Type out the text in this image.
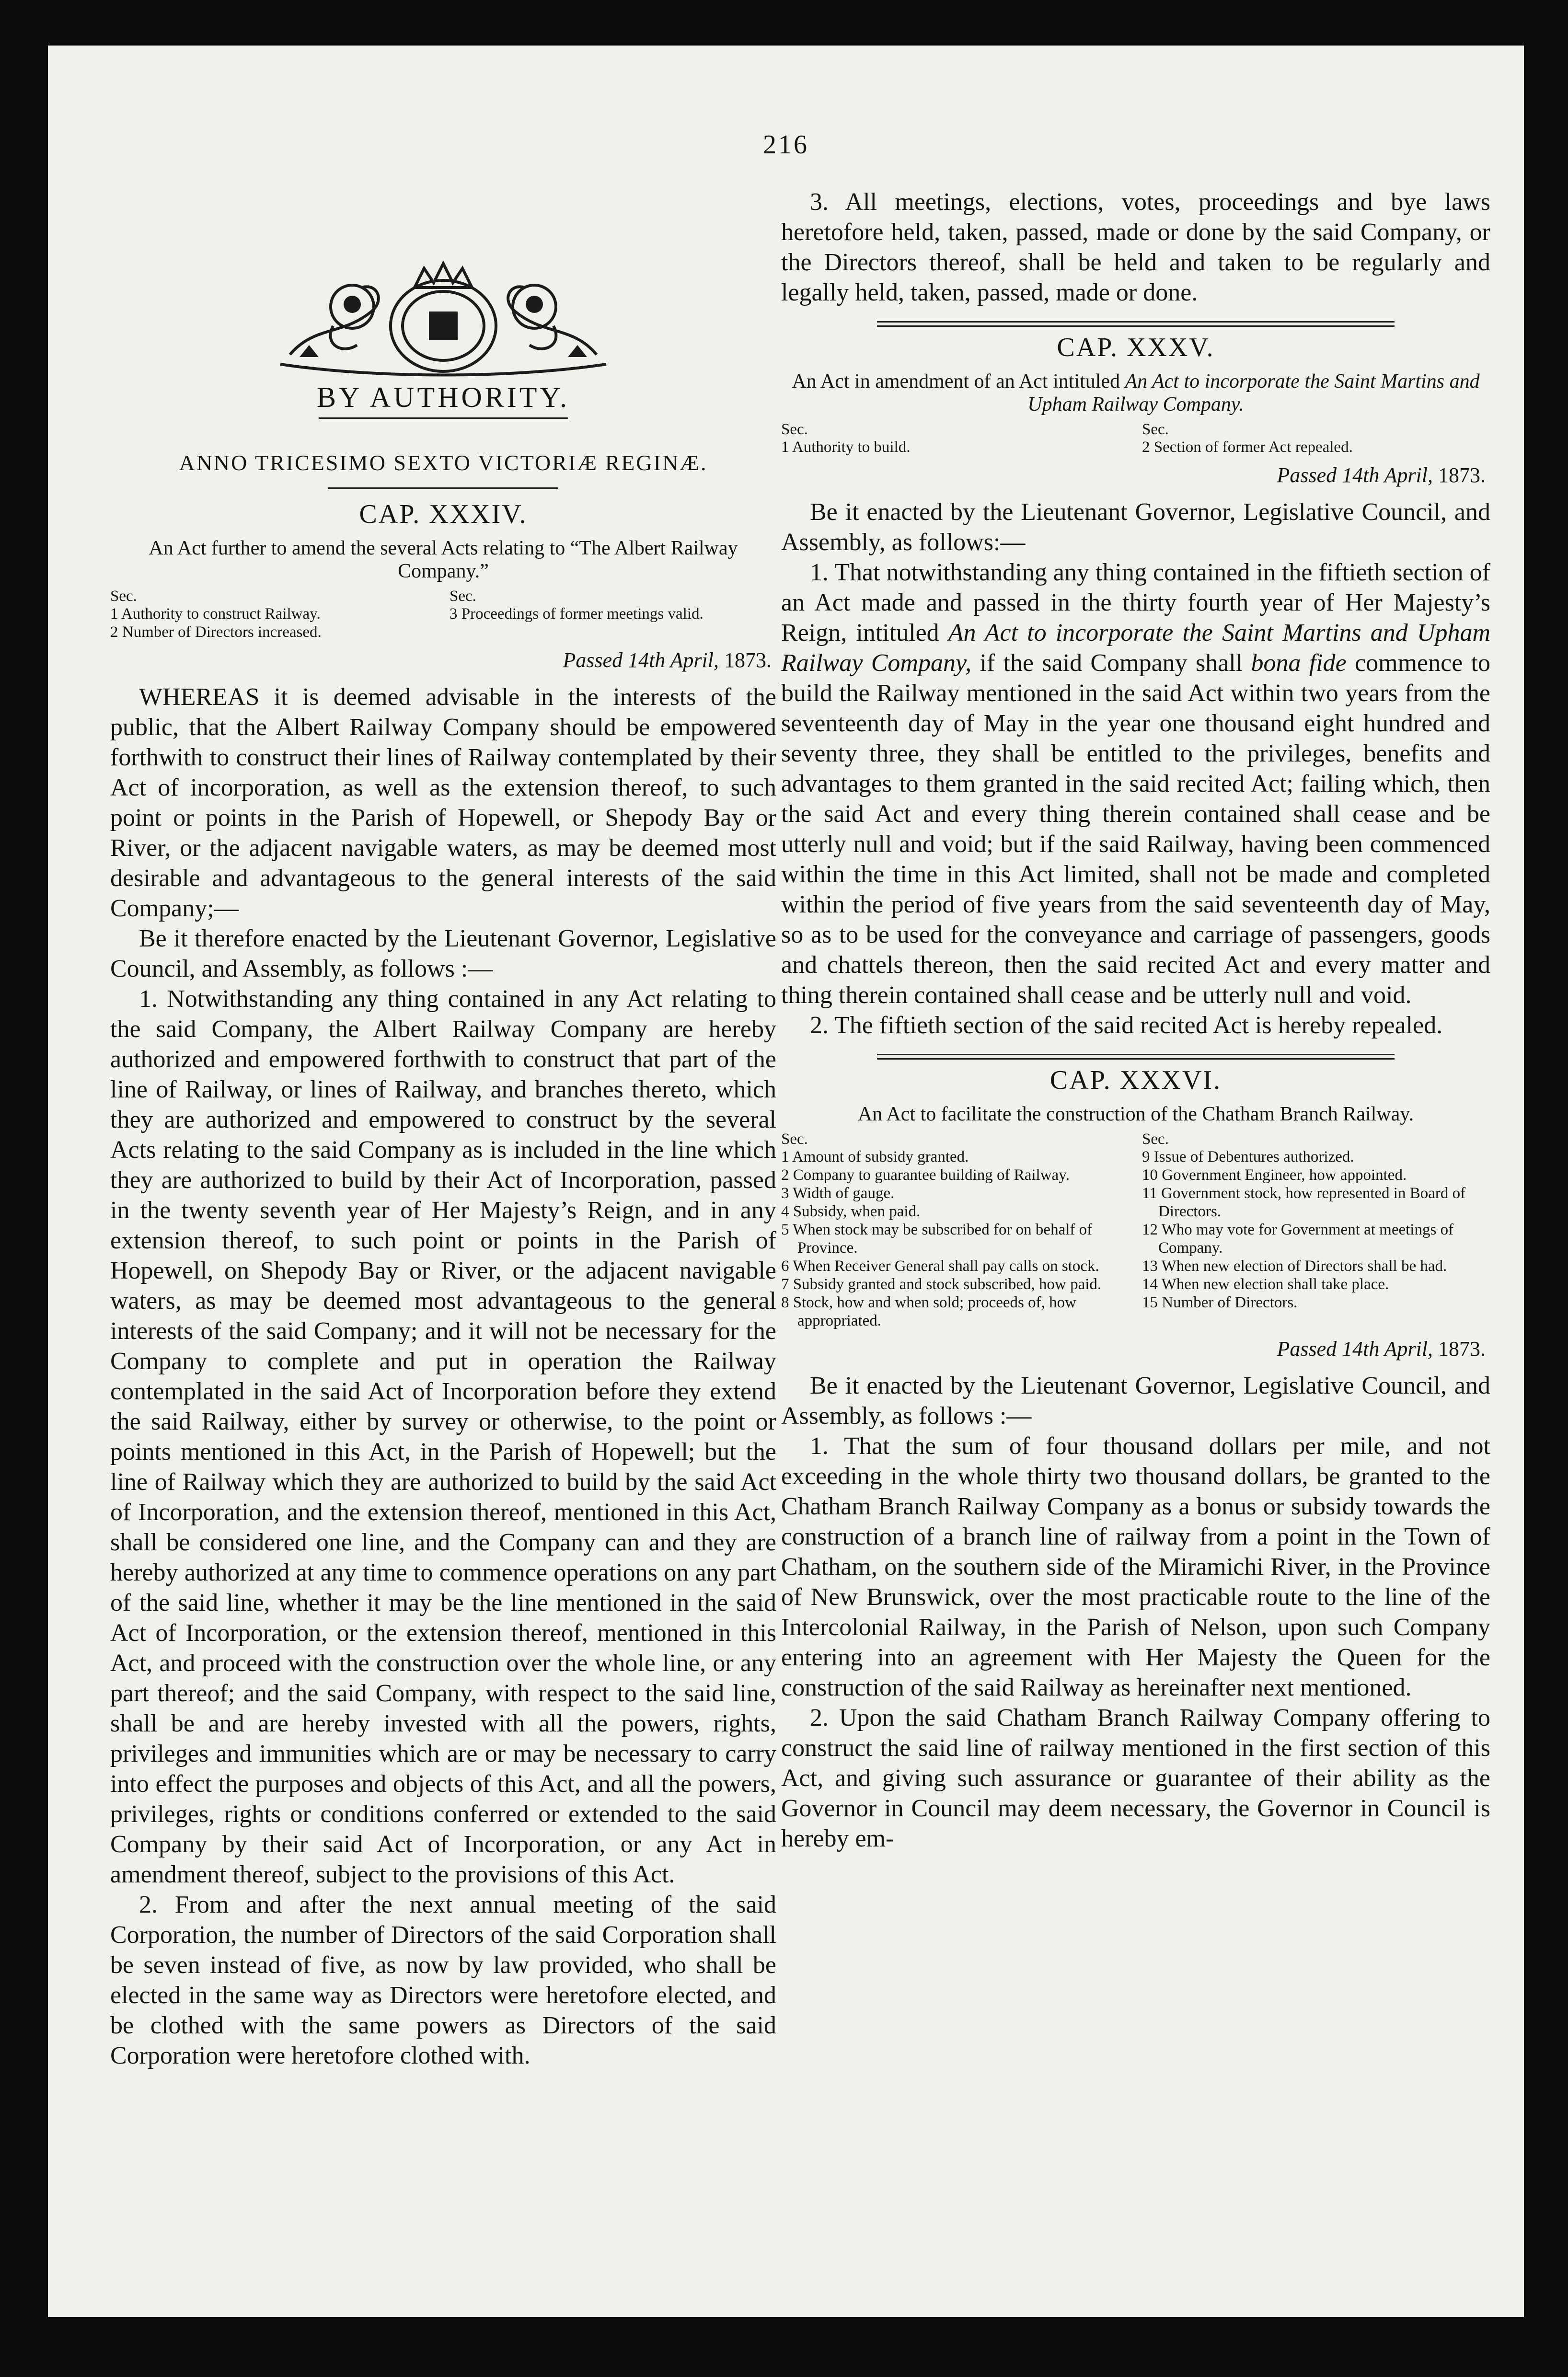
216
BY AUTHORITY.
ANNO TRICESIMO SEXTO VICTORIÆ REGINÆ.
CAP. XXXIV.
An Act further to amend the several Acts relating to “The Albert Railway Company.”
Sec.
1 Authority to construct Railway.
2 Number of Directors increased.
Sec.
3 Proceedings of former meetings valid.
Passed 14th April, 1873.

WHEREAS it is deemed advisable in the interests of the public, that the Albert Railway Company should be empowered forthwith to construct their lines of Railway contemplated by their Act of incorporation, as well as the extension thereof, to such point or points in the Parish of Hopewell, or Shepody Bay or River, or the adjacent navigable waters, as may be deemed most desirable and advantageous to the general interests of the said Company;—

Be it therefore enacted by the Lieutenant Governor, Legislative Council, and Assembly, as follows :—

1. Notwithstanding any thing contained in any Act relating to the said Company, the Albert Railway Company are hereby authorized and empowered forthwith to construct that part of the line of Railway, or lines of Railway, and branches thereto, which they are authorized and empowered to construct by the several Acts relating to the said Company as is included in the line which they are authorized to build by their Act of Incorporation, passed in the twenty seventh year of Her Majesty’s Reign, and in any extension thereof, to such point or points in the Parish of Hopewell, on Shepody Bay or River, or the adjacent navigable waters, as may be deemed most advantageous to the general interests of the said Company; and it will not be necessary for the Company to complete and put in operation the Railway contemplated in the said Act of Incorporation before they extend the said Railway, either by survey or otherwise, to the point or points mentioned in this Act, in the Parish of Hopewell; but the line of Railway which they are authorized to build by the said Act of Incorporation, and the extension thereof, mentioned in this Act, shall be considered one line, and the Company can and they are hereby authorized at any time to commence operations on any part of the said line, whether it may be the line mentioned in the said Act of Incorporation, or the extension thereof, mentioned in this Act, and proceed with the construction over the whole line, or any part thereof; and the said Company, with respect to the said line, shall be and are hereby invested with all the powers, rights, privileges and immunities which are or may be necessary to carry into effect the purposes and objects of this Act, and all the powers, privileges, rights or conditions conferred or extended to the said Company by their said Act of Incorporation, or any Act in amendment thereof, subject to the provisions of this Act.

2. From and after the next annual meeting of the said Corporation, the number of Directors of the said Corporation shall be seven instead of five, as now by law provided, who shall be elected in the same way as Directors were heretofore elected, and be clothed with the same powers as Directors of the said Corporation were heretofore clothed with.

3. All meetings, elections, votes, proceedings and bye laws heretofore held, taken, passed, made or done by the said Company, or the Directors thereof, shall be held and taken to be regularly and legally held, taken, passed, made or done.

CAP. XXXV.
An Act in amendment of an Act intituled An Act to incorporate the Saint Martins and Upham Railway Company.
Sec.
1 Authority to build.
Sec.
2 Section of former Act repealed.
Passed 14th April, 1873.

Be it enacted by the Lieutenant Governor, Legislative Council, and Assembly, as follows:—

1. That notwithstanding any thing contained in the fiftieth section of an Act made and passed in the thirty fourth year of Her Majesty’s Reign, intituled An Act to incorporate the Saint Martins and Upham Railway Company, if the said Company shall bona fide commence to build the Railway mentioned in the said Act within two years from the seventeenth day of May in the year one thousand eight hundred and seventy three, they shall be entitled to the privileges, benefits and advantages to them granted in the said recited Act; failing which, then the said Act and every thing therein contained shall cease and be utterly null and void; but if the said Railway, having been commenced within the time in this Act limited, shall not be made and completed within the period of five years from the said seventeenth day of May, so as to be used for the conveyance and carriage of passengers, goods and chattels thereon, then the said recited Act and every matter and thing therein contained shall cease and be utterly null and void.

2. The fiftieth section of the said recited Act is hereby repealed.

CAP. XXXVI.
An Act to facilitate the construction of the Chatham Branch Railway.
Sec.
1 Amount of subsidy granted.
2 Company to guarantee building of Railway.
3 Width of gauge.
4 Subsidy, when paid.
5 When stock may be subscribed for on behalf of Province.
6 When Receiver General shall pay calls on stock.
7 Subsidy granted and stock subscribed, how paid.
8 Stock, how and when sold; proceeds of, how appropriated.
Sec.
9 Issue of Debentures authorized.
10 Government Engineer, how appointed.
11 Government stock, how represented in Board of Directors.
12 Who may vote for Government at meetings of Company.
13 When new election of Directors shall be had.
14 When new election shall take place.
15 Number of Directors.
Passed 14th April, 1873.

Be it enacted by the Lieutenant Governor, Legislative Council, and Assembly, as follows :—

1. That the sum of four thousand dollars per mile, and not exceeding in the whole thirty two thousand dollars, be granted to the Chatham Branch Railway Company as a bonus or subsidy towards the construction of a branch line of railway from a point in the Town of Chatham, on the southern side of the Miramichi River, in the Province of New Brunswick, over the most practicable route to the line of the Intercolonial Railway, in the Parish of Nelson, upon such Company entering into an agreement with Her Majesty the Queen for the construction of the said Railway as hereinafter next mentioned.

2. Upon the said Chatham Branch Railway Company offering to construct the said line of railway mentioned in the first section of this Act, and giving such assurance or guarantee of their ability as the Governor in Council may deem necessary, the Governor in Council is hereby em-
